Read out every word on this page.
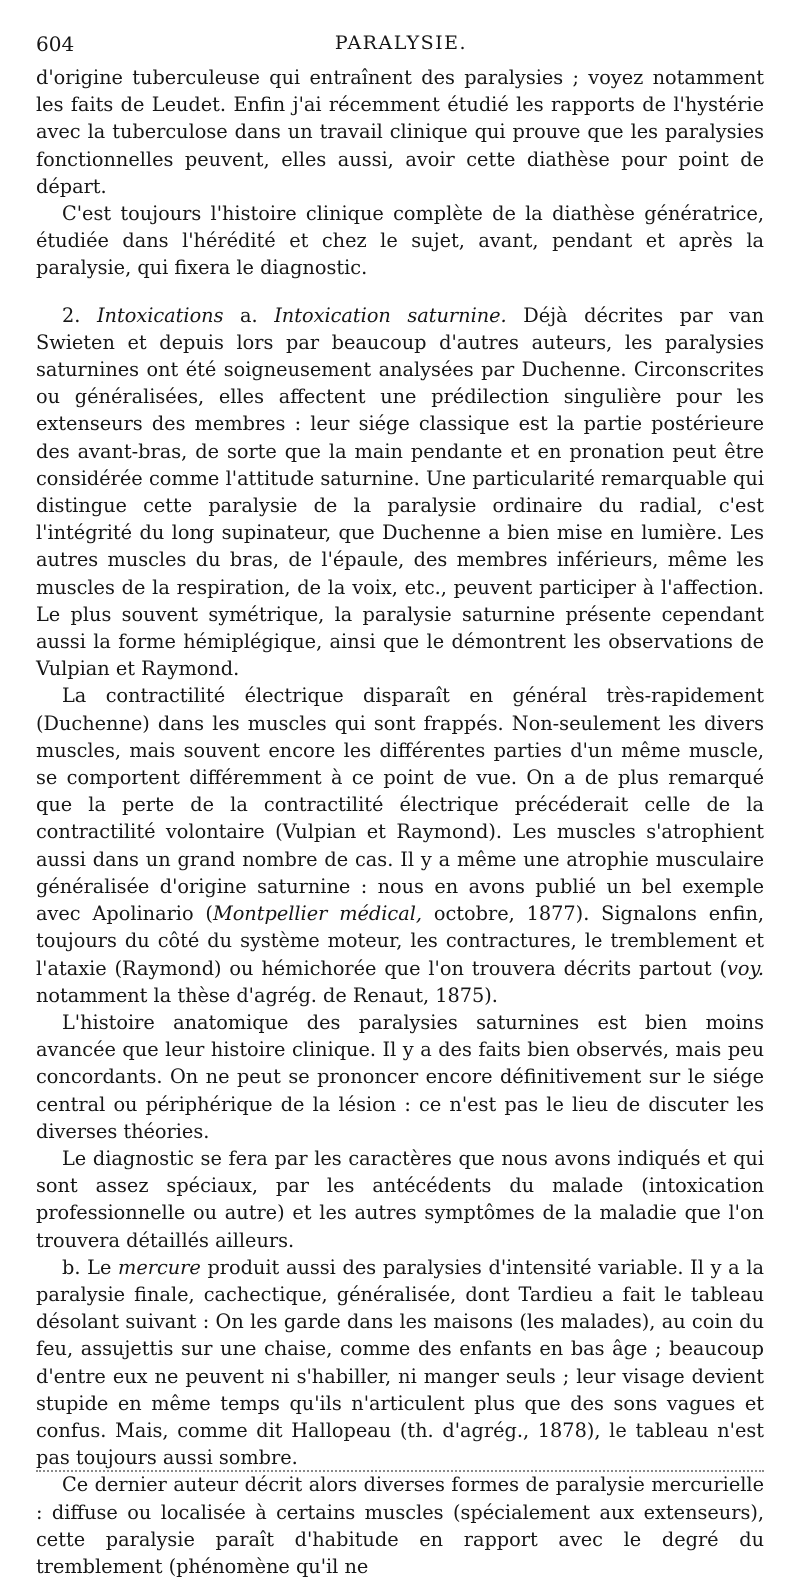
604	PARALYSIE.

d'origine tuberculeuse qui entraînent des paralysies ; voyez notamment les faits de Leudet. Enfin j'ai récemment étudié les rapports de l'hystérie avec la tuberculose dans un travail clinique qui prouve que les paralysies fonctionnelles peuvent, elles aussi, avoir cette diathèse pour point de départ.

C'est toujours l'histoire clinique complète de la diathèse génératrice, étudiée dans l'hérédité et chez le sujet, avant, pendant et après la paralysie, qui fixera le diagnostic.

2. Intoxications a. Intoxication saturnine. Déjà décrites par van Swieten et depuis lors par beaucoup d'autres auteurs, les paralysies saturnines ont été soigneusement analysées par Duchenne. Circonscrites ou généralisées, elles affectent une prédilection singulière pour les extenseurs des membres : leur siége classique est la partie postérieure des avant-bras, de sorte que la main pendante et en pronation peut être considérée comme l'attitude saturnine. Une particularité remarquable qui distingue cette paralysie de la paralysie ordinaire du radial, c'est l'intégrité du long supinateur, que Duchenne a bien mise en lumière. Les autres muscles du bras, de l'épaule, des membres inférieurs, même les muscles de la respiration, de la voix, etc., peuvent participer à l'affection. Le plus souvent symétrique, la paralysie saturnine présente cependant aussi la forme hémiplégique, ainsi que le démontrent les observations de Vulpian et Raymond.

La contractilité électrique disparaît en général très-rapidement (Duchenne) dans les muscles qui sont frappés. Non-seulement les divers muscles, mais souvent encore les différentes parties d'un même muscle, se comportent différemment à ce point de vue. On a de plus remarqué que la perte de la contractilité électrique précéderait celle de la contractilité volontaire (Vulpian et Raymond). Les muscles s'atrophient aussi dans un grand nombre de cas. Il y a même une atrophie musculaire généralisée d'origine saturnine : nous en avons publié un bel exemple avec Apolinario (Montpellier médical, octobre, 1877). Signalons enfin, toujours du côté du système moteur, les contractures, le tremblement et l'ataxie (Raymond) ou hémichorée que l'on trouvera décrits partout (voy. notamment la thèse d'agrég. de Renaut, 1875).

L'histoire anatomique des paralysies saturnines est bien moins avancée que leur histoire clinique. Il y a des faits bien observés, mais peu concordants. On ne peut se prononcer encore définitivement sur le siége central ou périphérique de la lésion : ce n'est pas le lieu de discuter les diverses théories.

Le diagnostic se fera par les caractères que nous avons indiqués et qui sont assez spéciaux, par les antécédents du malade (intoxication professionnelle ou autre) et les autres symptômes de la maladie que l'on trouvera détaillés ailleurs.

b. Le mercure produit aussi des paralysies d'intensité variable. Il y a la paralysie finale, cachectique, généralisée, dont Tardieu a fait le tableau désolant suivant : On les garde dans les maisons (les malades), au coin du feu, assujettis sur une chaise, comme des enfants en bas âge ; beaucoup d'entre eux ne peuvent ni s'habiller, ni manger seuls ; leur visage devient stupide en même temps qu'ils n'articulent plus que des sons vagues et confus. Mais, comme dit Hallopeau (th. d'agrég., 1878), le tableau n'est pas toujours aussi sombre.

Ce dernier auteur décrit alors diverses formes de paralysie mercurielle : diffuse ou localisée à certains muscles (spécialement aux extenseurs), cette paralysie paraît d'habitude en rapport avec le degré du tremblement (phénomène qu'il ne
